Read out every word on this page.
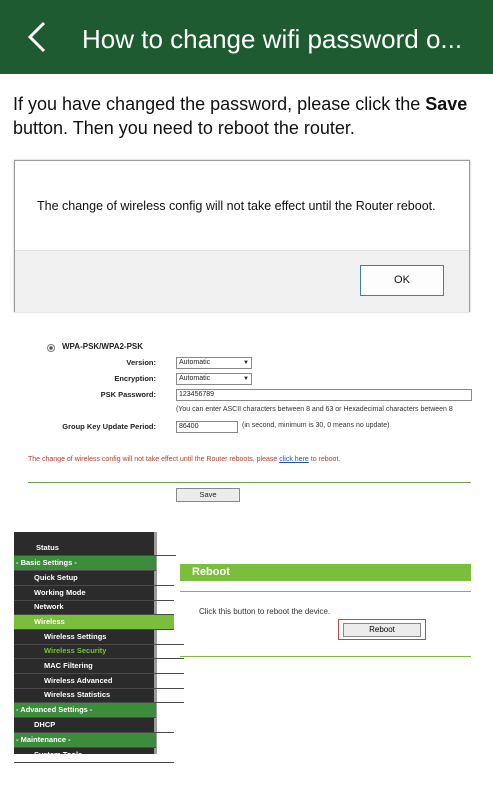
How to change wifi password o...
If you have changed the password, please click the Save button. Then you need to reboot the router.
The change of wireless config will not take effect until the Router reboot.
OK
WPA-PSK/WPA2-PSK
Version:	Automatic	▼
Encryption:	Automatic	▼
PSK Password:	123456789
(You can enter ASCII characters between 8 and 63 or Hexadecimal characters between 8
Group Key Update Period:	86400	(in second, minimum is 30, 0 means no update)
The change of wireless config will not take effect until the Router reboots, please click here to reboot.
Save
Status
- Basic Settings -
Quick Setup
Working Mode
Network
Wireless
Wireless Settings
Wireless Security
MAC Filtering
Wireless Advanced
Wireless Statistics
- Advanced Settings -
DHCP
- Maintenance -
System Tools
Reboot
Click this button to reboot the device.
Reboot
